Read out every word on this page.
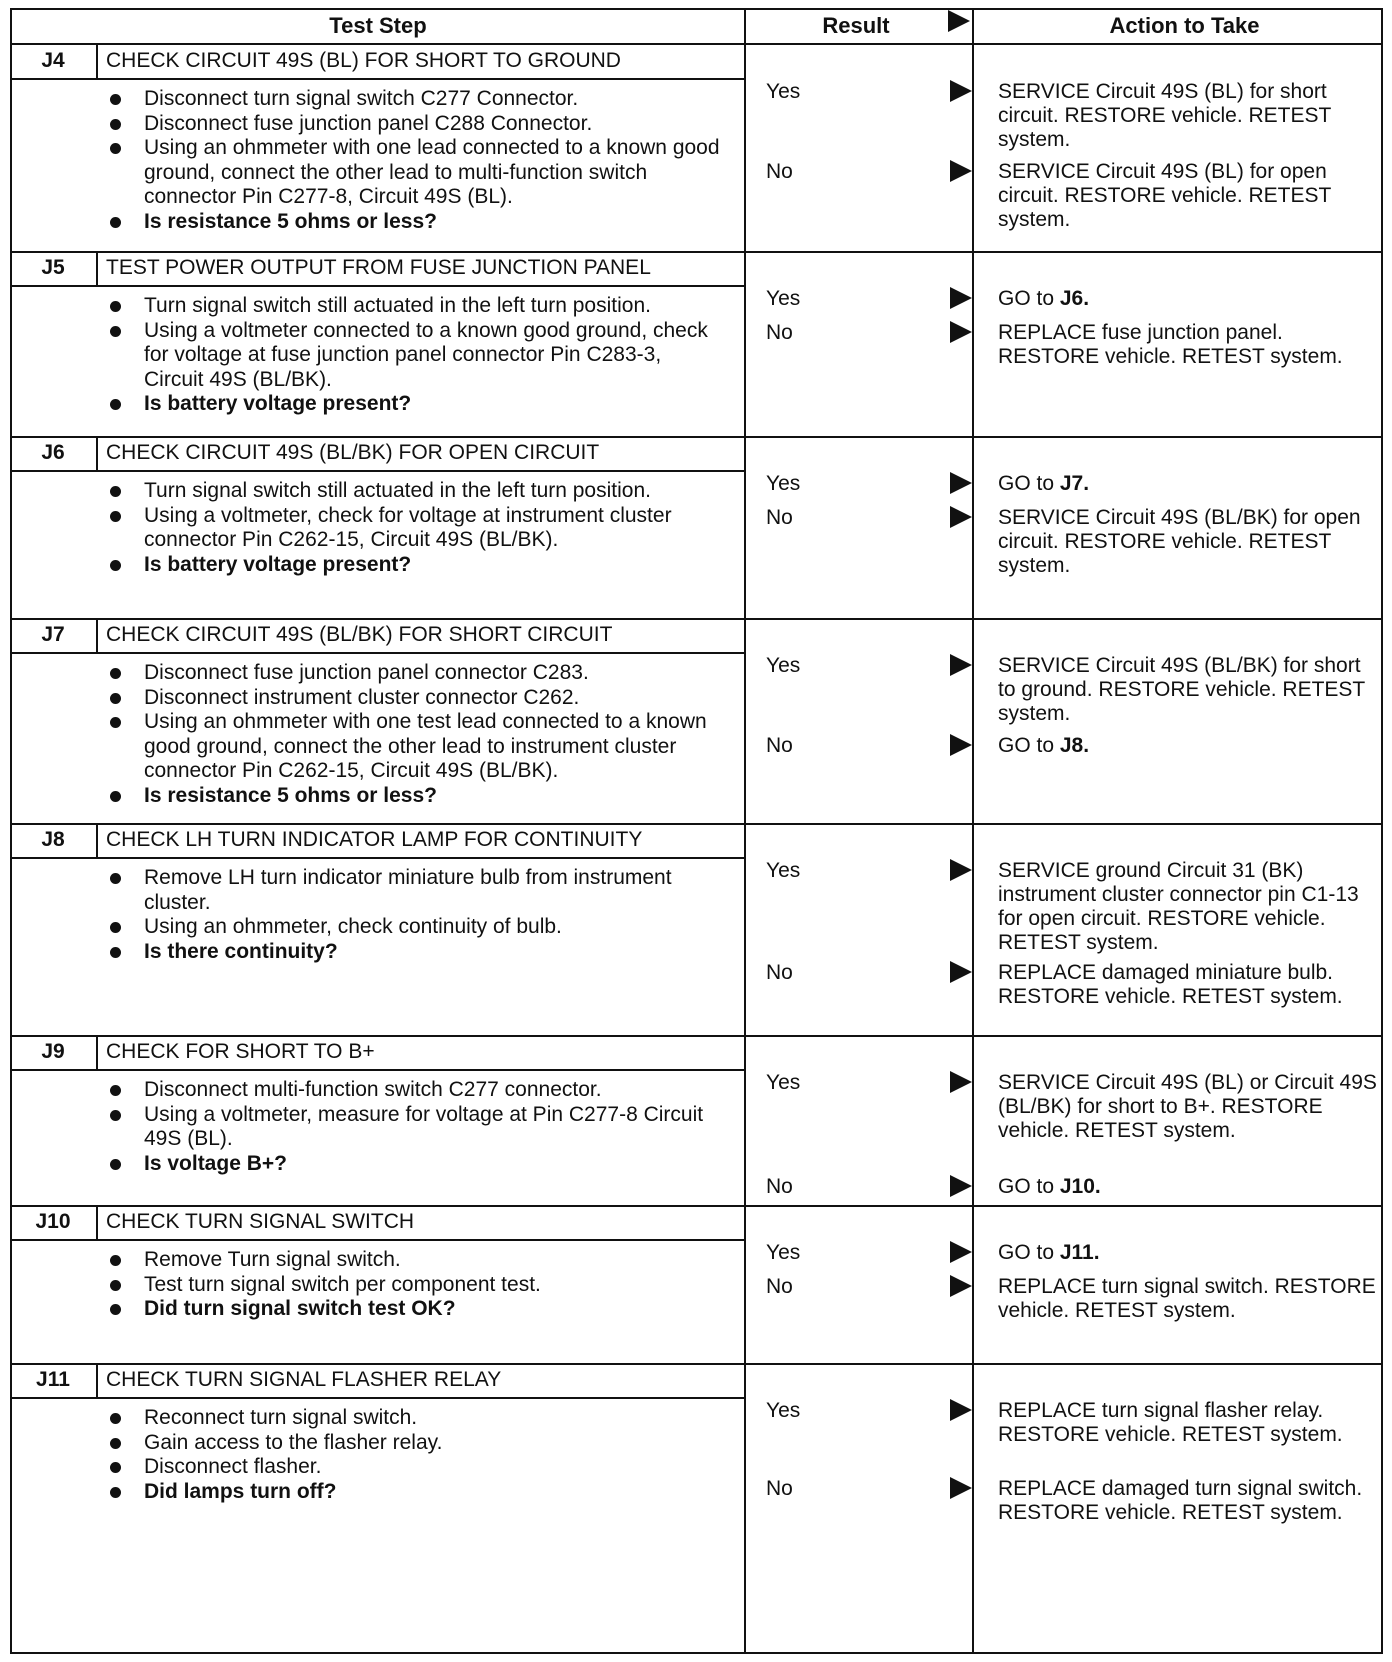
Test Step	Result	Action to Take
J4	CHECK CIRCUIT 49S (BL) FOR SHORT TO GROUND
Disconnect turn signal switch C277 Connector.
Disconnect fuse junction panel C288 Connector.
Using an ohmmeter with one lead connected to a known good ground, connect the other lead to multi-function switch connector Pin C277-8, Circuit 49S (BL).
Is resistance 5 ohms or less?
Yes	SERVICE Circuit 49S (BL) for short circuit. RESTORE vehicle. RETEST system.
No	SERVICE Circuit 49S (BL) for open circuit. RESTORE vehicle. RETEST system.
J5	TEST POWER OUTPUT FROM FUSE JUNCTION PANEL
Turn signal switch still actuated in the left turn position.
Using a voltmeter connected to a known good ground, check for voltage at fuse junction panel connector Pin C283-3, Circuit 49S (BL/BK).
Is battery voltage present?
Yes	GO to J6.
No	REPLACE fuse junction panel. RESTORE vehicle. RETEST system.
J6	CHECK CIRCUIT 49S (BL/BK) FOR OPEN CIRCUIT
Turn signal switch still actuated in the left turn position.
Using a voltmeter, check for voltage at instrument cluster connector Pin C262-15, Circuit 49S (BL/BK).
Is battery voltage present?
Yes	GO to J7.
No	SERVICE Circuit 49S (BL/BK) for open circuit. RESTORE vehicle. RETEST system.
J7	CHECK CIRCUIT 49S (BL/BK) FOR SHORT CIRCUIT
Disconnect fuse junction panel connector C283.
Disconnect instrument cluster connector C262.
Using an ohmmeter with one test lead connected to a known good ground, connect the other lead to instrument cluster connector Pin C262-15, Circuit 49S (BL/BK).
Is resistance 5 ohms or less?
Yes	SERVICE Circuit 49S (BL/BK) for short to ground. RESTORE vehicle. RETEST system.
No	GO to J8.
J8	CHECK LH TURN INDICATOR LAMP FOR CONTINUITY
Remove LH turn indicator miniature bulb from instrument cluster.
Using an ohmmeter, check continuity of bulb.
Is there continuity?
Yes	SERVICE ground Circuit 31 (BK) instrument cluster connector pin C1-13 for open circuit. RESTORE vehicle. RETEST system.
No	REPLACE damaged miniature bulb. RESTORE vehicle. RETEST system.
J9	CHECK FOR SHORT TO B+
Disconnect multi-function switch C277 connector.
Using a voltmeter, measure for voltage at Pin C277-8 Circuit 49S (BL).
Is voltage B+?
Yes	SERVICE Circuit 49S (BL) or Circuit 49S (BL/BK) for short to B+. RESTORE vehicle. RETEST system.
No	GO to J10.
J10	CHECK TURN SIGNAL SWITCH
Remove Turn signal switch.
Test turn signal switch per component test.
Did turn signal switch test OK?
Yes	GO to J11.
No	REPLACE turn signal switch. RESTORE vehicle. RETEST system.
J11	CHECK TURN SIGNAL FLASHER RELAY
Reconnect turn signal switch.
Gain access to the flasher relay.
Disconnect flasher.
Did lamps turn off?
Yes	REPLACE turn signal flasher relay. RESTORE vehicle. RETEST system.
No	REPLACE damaged turn signal switch. RESTORE vehicle. RETEST system.
